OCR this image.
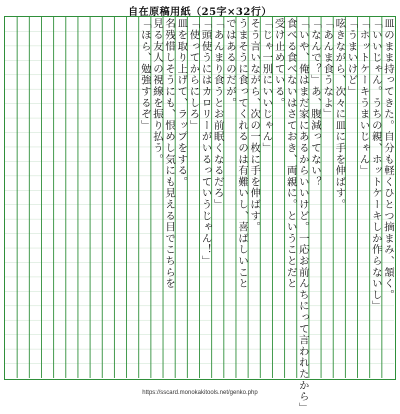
自在原稿用紙（25字×32行）
皿のまま持ってきた。自分も軽くひとつ摘まみ、頷く。
「いいじゃん。うちの親、ホットケーキしか作らないし」
「ホットケーキうまいじゃん」
「うまいけど」
呟きながら、次々に皿に手を伸ばす。
「あんま食うなよ」
「なんで？」あ、腹減ってない？
「いや、俺はまだ家にあるからいいけど。一応お前んちにって言われたから」
食べる食べないはさておき、両親に。ということだと
受け止めている。
「じゃ一別にいいじゃん」
そう言いながら、次の一枚に手を伸ばす。
うまそうに食ってくれるのは有難いし、喜ばしいこと
ではあるのだが。
「あんまり食うとお前眠くなるだろ」
「頭使うにはカロリーがいるっていうじゃん！」
「使ってからにしろ」
皿を取り上げて、ラップをする。
名残惜しそうにも、恨めし気にも見える目でこちらを
見る友人の視線を振り払う。
「ほら、勉強するぞ」
https://sscard.monokakitools.net/genko.php
